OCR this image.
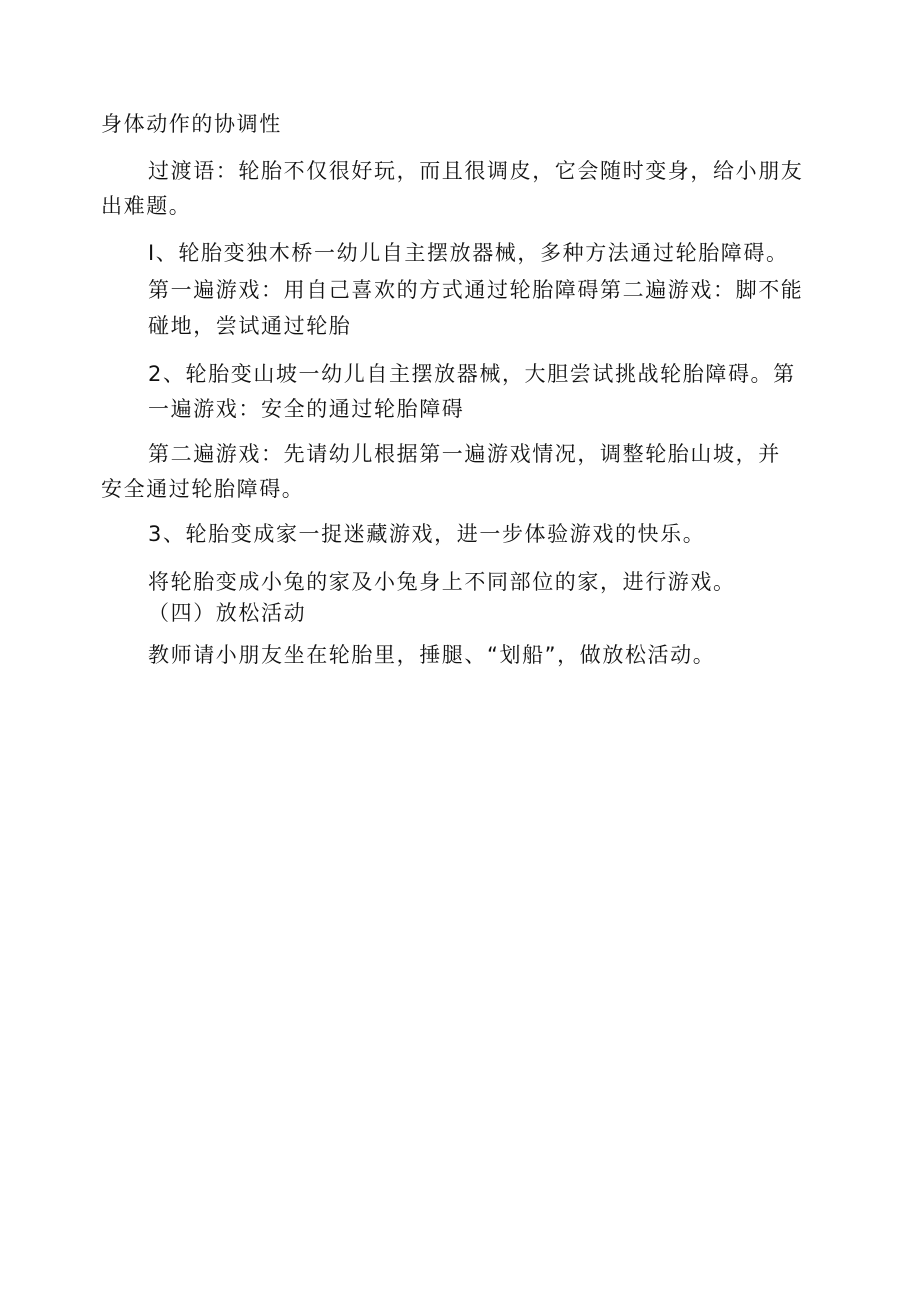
身体动作的协调性
过渡语：轮胎不仅很好玩，而且很调皮，它会随时变身，给小朋友
出难题。
I、轮胎变独木桥一幼儿自主摆放器械，多种方法通过轮胎障碍。
第一遍游戏：用自己喜欢的方式通过轮胎障碍第二遍游戏：脚不能
碰地，尝试通过轮胎
2、轮胎变山坡一幼儿自主摆放器械，大胆尝试挑战轮胎障碍。第
一遍游戏：安全的通过轮胎障碍
第二遍游戏：先请幼儿根据第一遍游戏情况，调整轮胎山坡，并
安全通过轮胎障碍。
3、轮胎变成家一捉迷藏游戏，进一步体验游戏的快乐。
将轮胎变成小兔的家及小兔身上不同部位的家，进行游戏。
（四）放松活动
教师请小朋友坐在轮胎里，捶腿、“划船”，做放松活动。
